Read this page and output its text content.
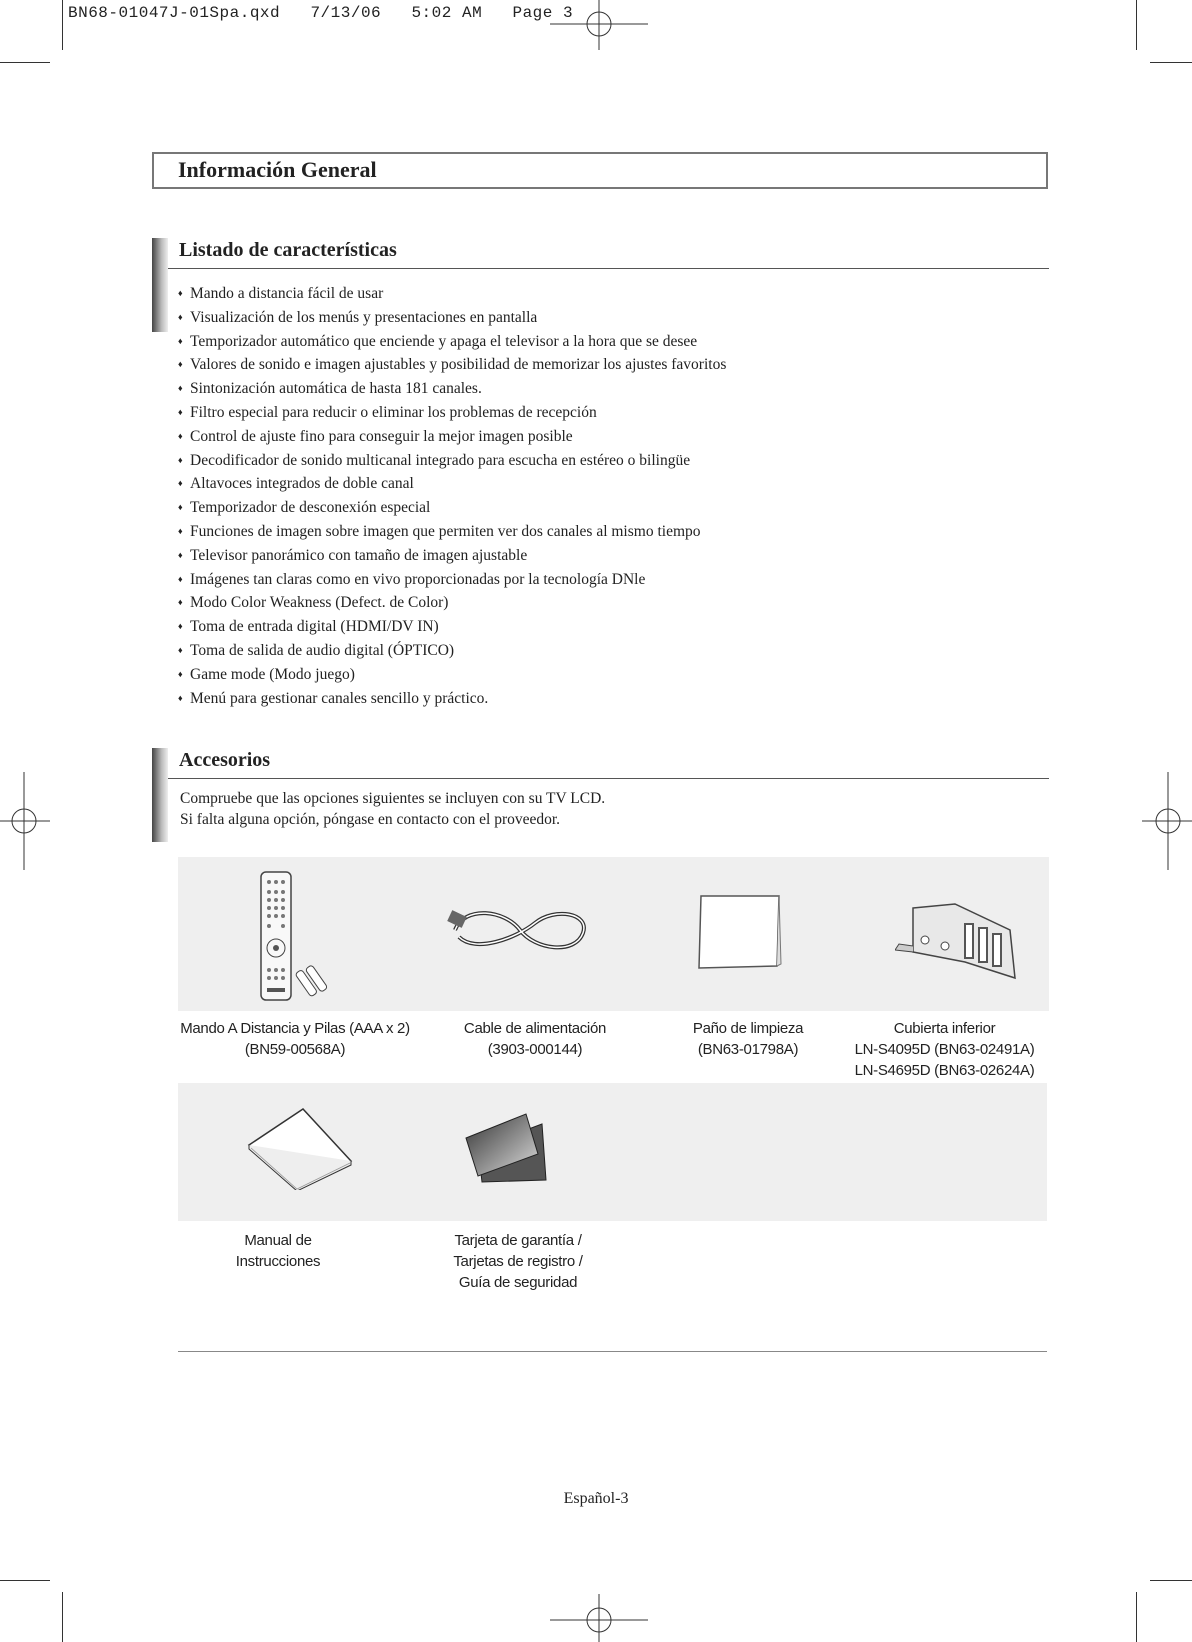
BN68-01047J-01Spa.qxd   7/13/06   5:02 AM   Page 3
Información General
Listado de características
♦ Mando a distancia fácil de usar
♦ Visualización de los menús y presentaciones en pantalla
♦ Temporizador automático que enciende y apaga el televisor a la hora que se desee
♦ Valores de sonido e imagen ajustables y posibilidad de memorizar los ajustes favoritos
♦ Sintonización automática de hasta 181 canales.
♦ Filtro especial para reducir o eliminar los problemas de recepción
♦ Control de ajuste fino para conseguir la mejor imagen posible
♦ Decodificador de sonido multicanal integrado para escucha en estéreo o bilingüe
♦ Altavoces integrados de doble canal
♦ Temporizador de desconexión especial
♦ Funciones de imagen sobre imagen que permiten ver dos canales al mismo tiempo
♦ Televisor panorámico con tamaño de imagen ajustable
♦ Imágenes tan claras como en vivo proporcionadas por la tecnología DNle
♦ Modo Color Weakness (Defect. de Color)
♦ Toma de entrada digital (HDMI/DV IN)
♦ Toma de salida de audio digital (ÓPTICO)
♦ Game mode (Modo juego)
♦ Menú para gestionar canales sencillo y práctico.
Accesorios
Compruebe que las opciones siguientes se incluyen con su TV LCD.
Si falta alguna opción, póngase en contacto con el proveedor.
Mando A Distancia y Pilas (AAA x 2)
(BN59-00568A)
Cable de alimentación
(3903-000144)
Paño de limpieza
(BN63-01798A)
Cubierta inferior
LN-S4095D (BN63-02491A)
LN-S4695D (BN63-02624A)
Manual de
Instrucciones
Tarjeta de garantía /
Tarjetas de registro /
Guía de seguridad
Español-3
